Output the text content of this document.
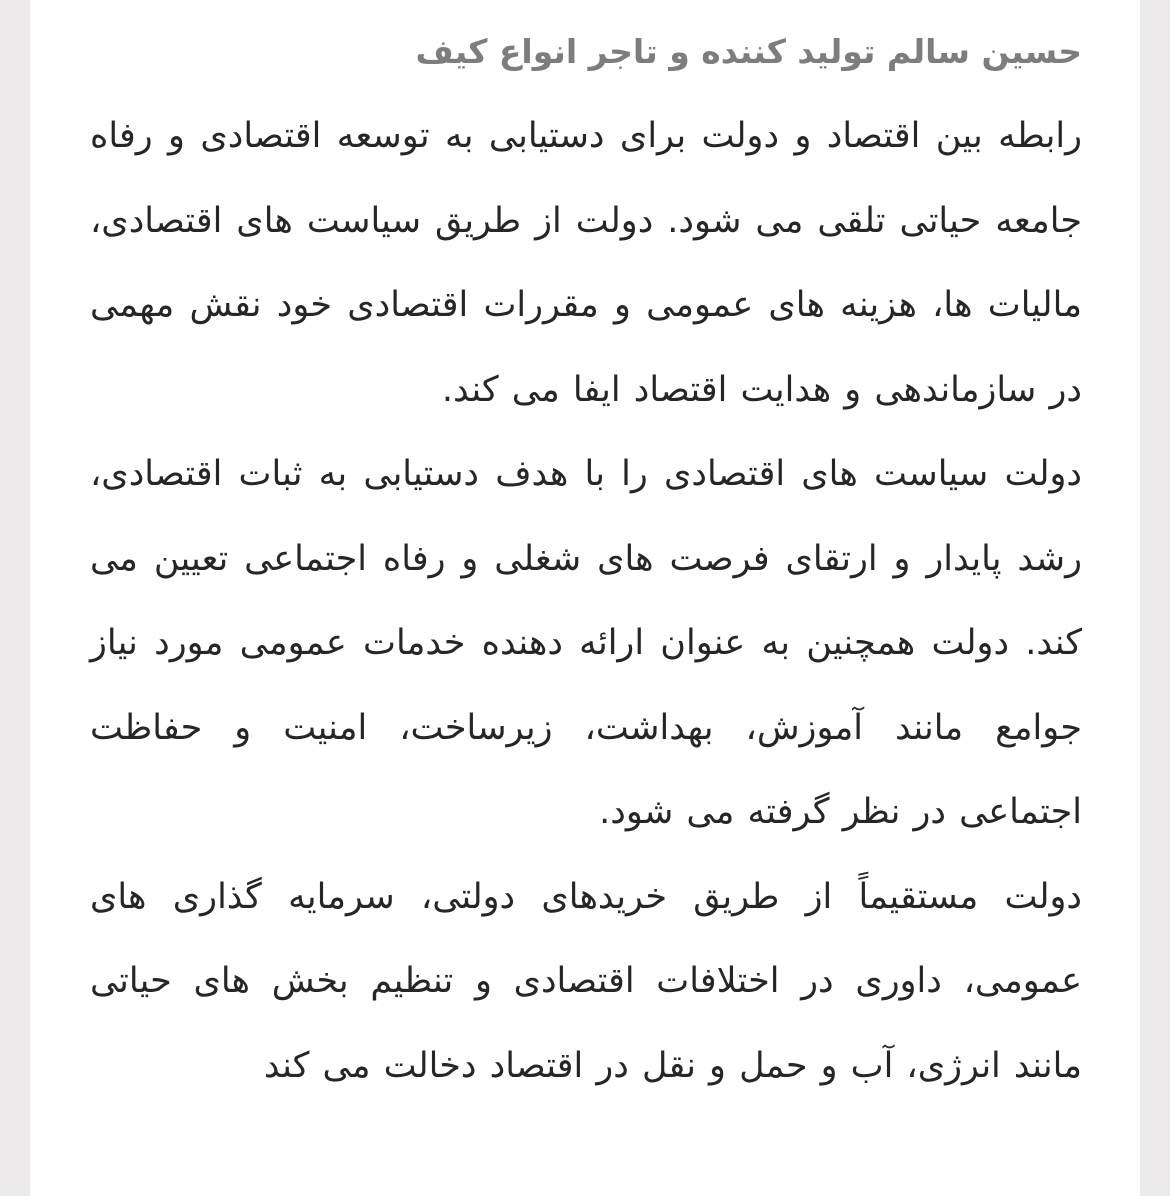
حسین سالم تولید کننده و تاجر انواع کیف

رابطه بین اقتصاد و دولت برای دستیابی به توسعه اقتصادی و رفاه جامعه حیاتی تلقی می شود. دولت از طریق سیاست های اقتصادی، مالیات ها، هزینه های عمومی و مقررات اقتصادی خود نقش مهمی در سازماندهی و هدایت اقتصاد ایفا می کند.

دولت سیاست های اقتصادی را با هدف دستیابی به ثبات اقتصادی، رشد پایدار و ارتقای فرصت های شغلی و رفاه اجتماعی تعیین می کند. دولت همچنین به عنوان ارائه دهنده خدمات عمومی مورد نیاز جوامع مانند آموزش، بهداشت، زیرساخت، امنیت و حفاظت اجتماعی در نظر گرفته می شود.

دولت مستقیماً از طریق خریدهای دولتی، سرمایه گذاری های عمومی، داوری در اختلافات اقتصادی و تنظیم بخش های حیاتی مانند انرژی، آب و حمل و نقل در اقتصاد دخالت می کند
